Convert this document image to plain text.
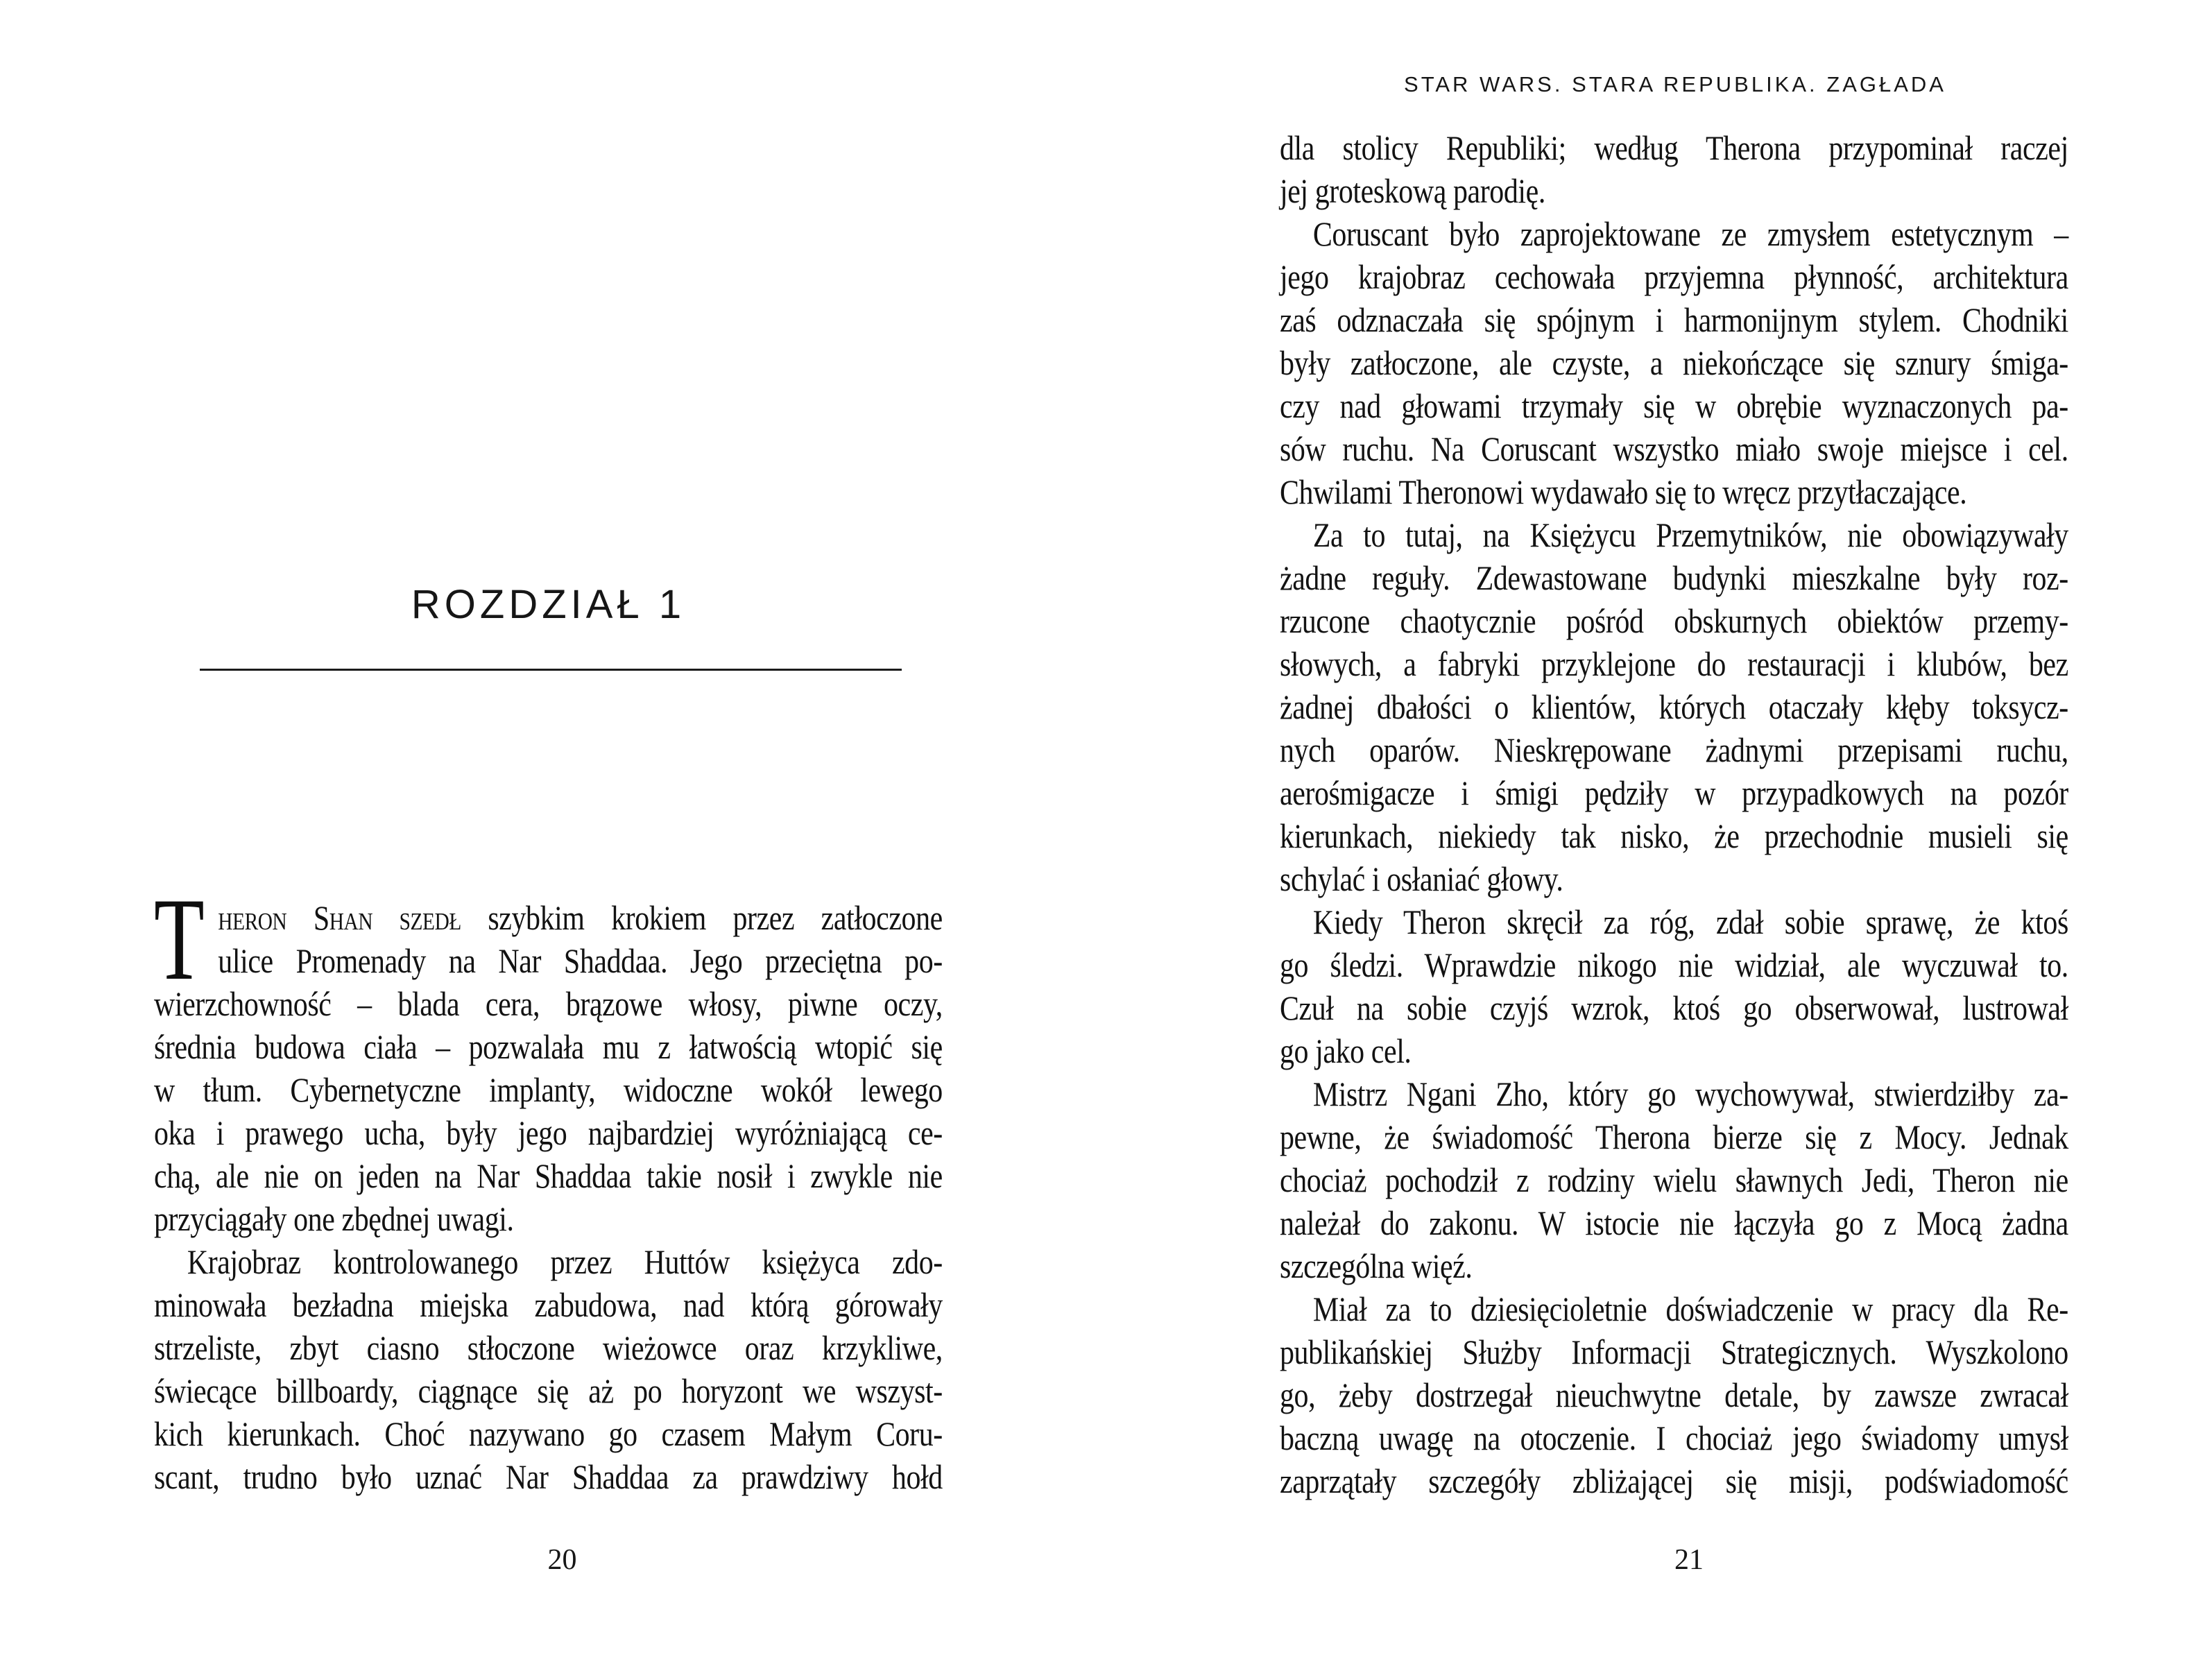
ROZDZIAŁ 1
T heron Shan szedł szybkim krokiem przez zatłoczone
ulice Promenady na Nar Shaddaa. Jego przeciętna po-
wierzchowność – blada cera, brązowe włosy, piwne oczy,
średnia budowa ciała – pozwalała mu z łatwością wtopić się
w tłum. Cybernetyczne implanty, widoczne wokół lewego
oka i prawego ucha, były jego najbardziej wyróżniającą ce-
chą, ale nie on jeden na Nar Shaddaa takie nosił i zwykle nie
przyciągały one zbędnej uwagi.
Krajobraz kontrolowanego przez Huttów księżyca zdo-
minowała bezładna miejska zabudowa, nad którą górowały
strzeliste, zbyt ciasno stłoczone wieżowce oraz krzykliwe,
świecące billboardy, ciągnące się aż po horyzont we wszyst-
kich kierunkach. Choć nazywano go czasem Małym Coru-
scant, trudno było uznać Nar Shaddaa za prawdziwy hołd
20
STAR WARS. STARA REPUBLIKA. ZAGŁADA
dla stolicy Republiki; według Therona przypominał raczej
jej groteskową parodię.
Coruscant było zaprojektowane ze zmysłem estetycznym –
jego krajobraz cechowała przyjemna płynność, architektura
zaś odznaczała się spójnym i harmonijnym stylem. Chodniki
były zatłoczone, ale czyste, a niekończące się sznury śmiga-
czy nad głowami trzymały się w obrębie wyznaczonych pa-
sów ruchu. Na Coruscant wszystko miało swoje miejsce i cel.
Chwilami Theronowi wydawało się to wręcz przytłaczające.
Za to tutaj, na Księżycu Przemytników, nie obowiązywały
żadne reguły. Zdewastowane budynki mieszkalne były roz-
rzucone chaotycznie pośród obskurnych obiektów przemy-
słowych, a fabryki przyklejone do restauracji i klubów, bez
żadnej dbałości o klientów, których otaczały kłęby toksycz-
nych oparów. Nieskrępowane żadnymi przepisami ruchu,
aerośmigacze i śmigi pędziły w przypadkowych na pozór
kierunkach, niekiedy tak nisko, że przechodnie musieli się
schylać i osłaniać głowy.
Kiedy Theron skręcił za róg, zdał sobie sprawę, że ktoś
go śledzi. Wprawdzie nikogo nie widział, ale wyczuwał to.
Czuł na sobie czyjś wzrok, ktoś go obserwował, lustrował
go jako cel.
Mistrz Ngani Zho, który go wychowywał, stwierdziłby za-
pewne, że świadomość Therona bierze się z Mocy. Jednak
chociaż pochodził z rodziny wielu sławnych Jedi, Theron nie
należał do zakonu. W istocie nie łączyła go z Mocą żadna
szczególna więź.
Miał za to dziesięcioletnie doświadczenie w pracy dla Re-
publikańskiej Służby Informacji Strategicznych. Wyszkolono
go, żeby dostrzegał nieuchwytne detale, by zawsze zwracał
baczną uwagę na otoczenie. I chociaż jego świadomy umysł
zaprzątały szczegóły zbliżającej się misji, podświadomość
21
